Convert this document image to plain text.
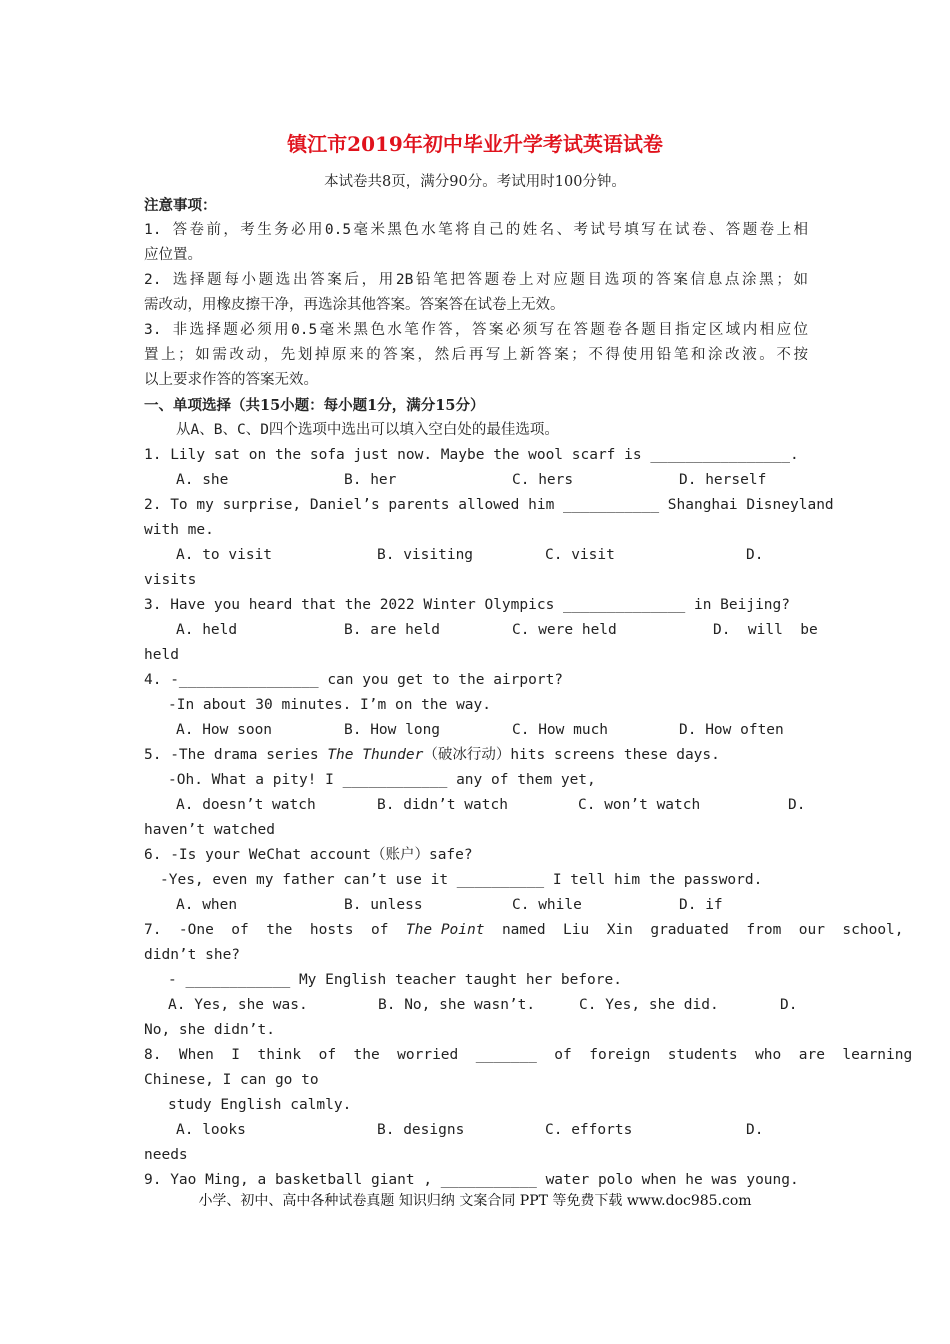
镇江市2019年初中毕业升学考试英语试卷
本试卷共8页，满分90分。考试用时100分钟。
注意事项：
1. 答卷前，考生务必用0.5毫米黑色水笔将自己的姓名、考试号填写在试卷、答题卷上相
应位置。
2. 选择题每小题选出答案后，用2B铅笔把答题卷上对应题目选项的答案信息点涂黑；如
需改动，用橡皮擦干净，再选涂其他答案。答案答在试卷上无效。
3. 非选择题必须用0.5毫米黑色水笔作答，答案必须写在答题卷各题目指定区域内相应位
置上；如需改动，先划掉原来的答案，然后再写上新答案；不得使用铅笔和涂改液。不按
以上要求作答的答案无效。
一、单项选择（共15小题：每小题1分，满分15分）
从A、B、C、D四个选项中选出可以填入空白处的最佳选项。
1. Lily sat on the sofa just now. Maybe the wool scarf is ________________.
A. she	B. her	C. hers	D. herself
2. To my surprise, Daniel’s parents allowed him ___________ Shanghai Disneyland
with me.
A. to visit	B. visiting	C. visit	D.
visits
3. Have you heard that the 2022 Winter Olympics ______________ in Beijing?
A. held	B. are held	C. were held	D.  will  be
held
4. -________________ can you get to the airport?
-In about 30 minutes. I’m on the way.
A. How soon	B. How long	C. How much	D. How often
5. -The drama series The Thunder（破冰行动）hits screens these days.
-Oh. What a pity! I ____________ any of them yet,
A. doesn’t watch	B. didn’t watch	C. won’t watch	D.
haven’t watched
6. -Is your WeChat account（账户）safe?
-Yes, even my father can’t use it __________ I tell him the password.
A. when	B. unless	C. while	D. if
7.  -One  of  the  hosts  of  The Point  named  Liu  Xin  graduated  from  our  school,
didn’t she?
- ____________ My English teacher taught her before.
A. Yes, she was.	B. No, she wasn’t.	C. Yes, she did.	D.
No, she didn’t.
8.  When  I  think  of  the  worried  _______  of  foreign  students  who  are  learning
Chinese, I can go to
study English calmly.
A. looks	B. designs	C. efforts	D.
needs
9. Yao Ming, a basketball giant , ___________ water polo when he was young.
小学、初中、高中各种试卷真题 知识归纳 文案合同 PPT 等免费下载 www.doc985.com
